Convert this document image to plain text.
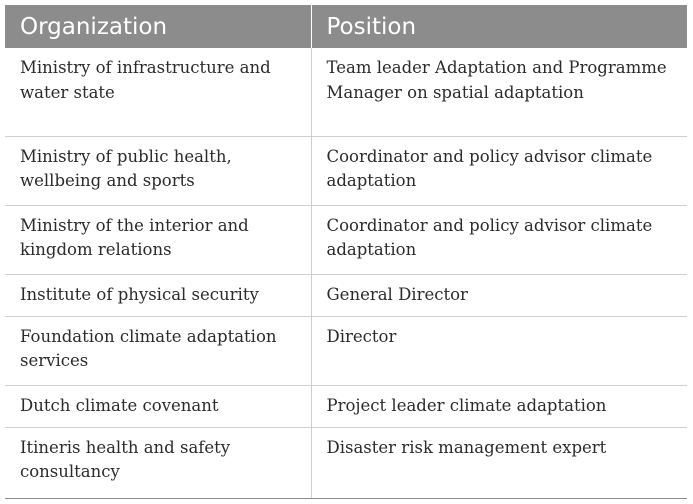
Organization	Position
Ministry of infrastructure and water state	Team leader Adaptation and Programme Manager on spatial adaptation
Ministry of public health, wellbeing and sports	Coordinator and policy advisor climate adaptation
Ministry of the interior and kingdom relations	Coordinator and policy advisor climate adaptation
Institute of physical security	General Director
Foundation climate adaptation services	Director
Dutch climate covenant	Project leader climate adaptation
Itineris health and safety consultancy	Disaster risk management expert
